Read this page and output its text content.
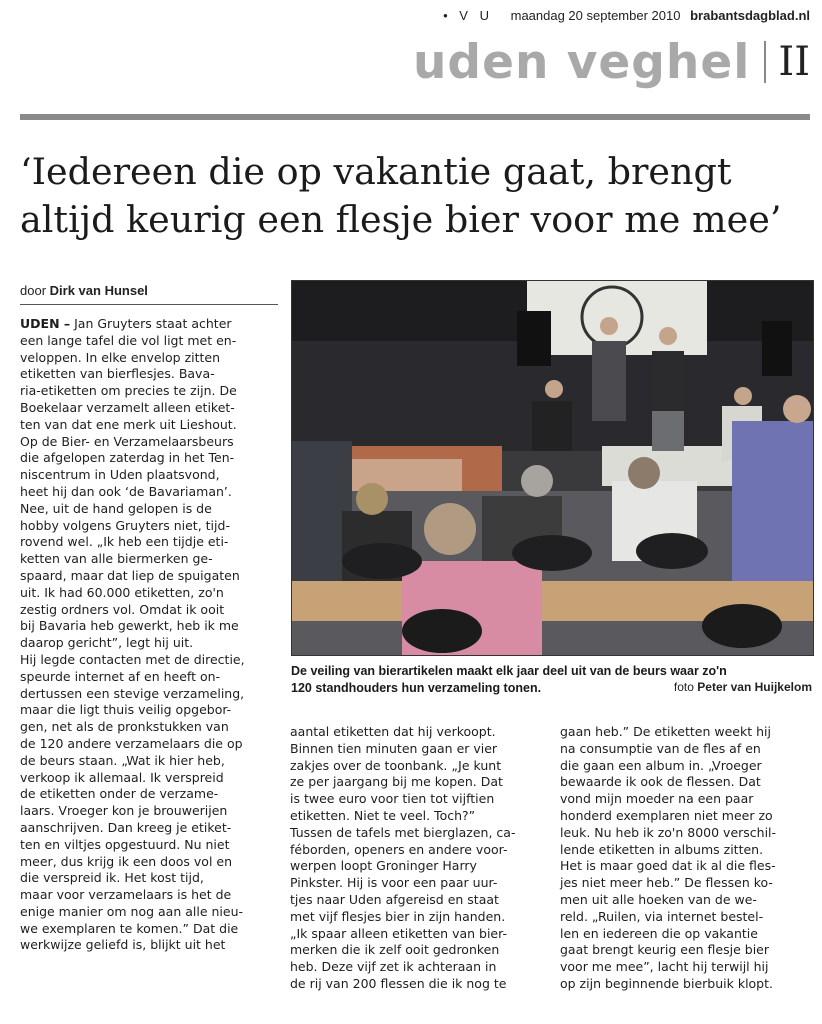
• V U maandag 20 september 2010 brabantsdagblad.nl
uden veghel II
‘Iedereen die op vakantie gaat, brengt
altijd keurig een flesje bier voor me mee’
door Dirk van Hunsel

UDEN – Jan Gruyters staat achter
een lange tafel die vol ligt met en-
veloppen. In elke envelop zitten
etiketten van bierflesjes. Bava-
ria-etiketten om precies te zijn. De
Boekelaar verzamelt alleen etiket-
ten van dat ene merk uit Lieshout.
Op de Bier- en Verzamelaarsbeurs
die afgelopen zaterdag in het Ten-
niscentrum in Uden plaatsvond,
heet hij dan ook ‘de Bavariaman’.
Nee, uit de hand gelopen is de
hobby volgens Gruyters niet, tijd-
rovend wel. „Ik heb een tijdje eti-
ketten van alle biermerken ge-
spaard, maar dat liep de spuigaten
uit. Ik had 60.000 etiketten, zo'n
zestig ordners vol. Omdat ik ooit
bij Bavaria heb gewerkt, heb ik me
daarop gericht”, legt hij uit.
Hij legde contacten met de directie,
speurde internet af en heeft on-
dertussen een stevige verzameling,
maar die ligt thuis veilig opgebor-
gen, net als de pronkstukken van
de 120 andere verzamelaars die op
de beurs staan. „Wat ik hier heb,
verkoop ik allemaal. Ik verspreid
de etiketten onder de verzame-
laars. Vroeger kon je brouwerijen
aanschrijven. Dan kreeg je etiket-
ten en viltjes opgestuurd. Nu niet
meer, dus krijg ik een doos vol en
die verspreid ik. Het kost tijd,
maar voor verzamelaars is het de
enige manier om nog aan alle nieu-
we exemplaren te komen.” Dat die
werkwijze geliefd is, blijkt uit het

De veiling van bierartikelen maakt elk jaar deel uit van de beurs waar zo'n
120 standhouders hun verzameling tonen.	foto Peter van Huijkelom
aantal etiketten dat hij verkoopt.
Binnen tien minuten gaan er vier
zakjes over de toonbank. „Je kunt
ze per jaargang bij me kopen. Dat
is twee euro voor tien tot vijftien
etiketten. Niet te veel. Toch?”
Tussen de tafels met bierglazen, ca-
féborden, openers en andere voor-
werpen loopt Groninger Harry
Pinkster. Hij is voor een paar uur-
tjes naar Uden afgereisd en staat
met vijf flesjes bier in zijn handen.
„Ik spaar alleen etiketten van bier-
merken die ik zelf ooit gedronken
heb. Deze vijf zet ik achteraan in
de rij van 200 flessen die ik nog te
gaan heb.” De etiketten weekt hij
na consumptie van de fles af en
die gaan een album in. „Vroeger
bewaarde ik ook de flessen. Dat
vond mijn moeder na een paar
honderd exemplaren niet meer zo
leuk. Nu heb ik zo'n 8000 verschil-
lende etiketten in albums zitten.
Het is maar goed dat ik al die fles-
jes niet meer heb.” De flessen ko-
men uit alle hoeken van de we-
reld. „Ruilen, via internet bestel-
len en iedereen die op vakantie
gaat brengt keurig een flesje bier
voor me mee”, lacht hij terwijl hij
op zijn beginnende bierbuik klopt.
